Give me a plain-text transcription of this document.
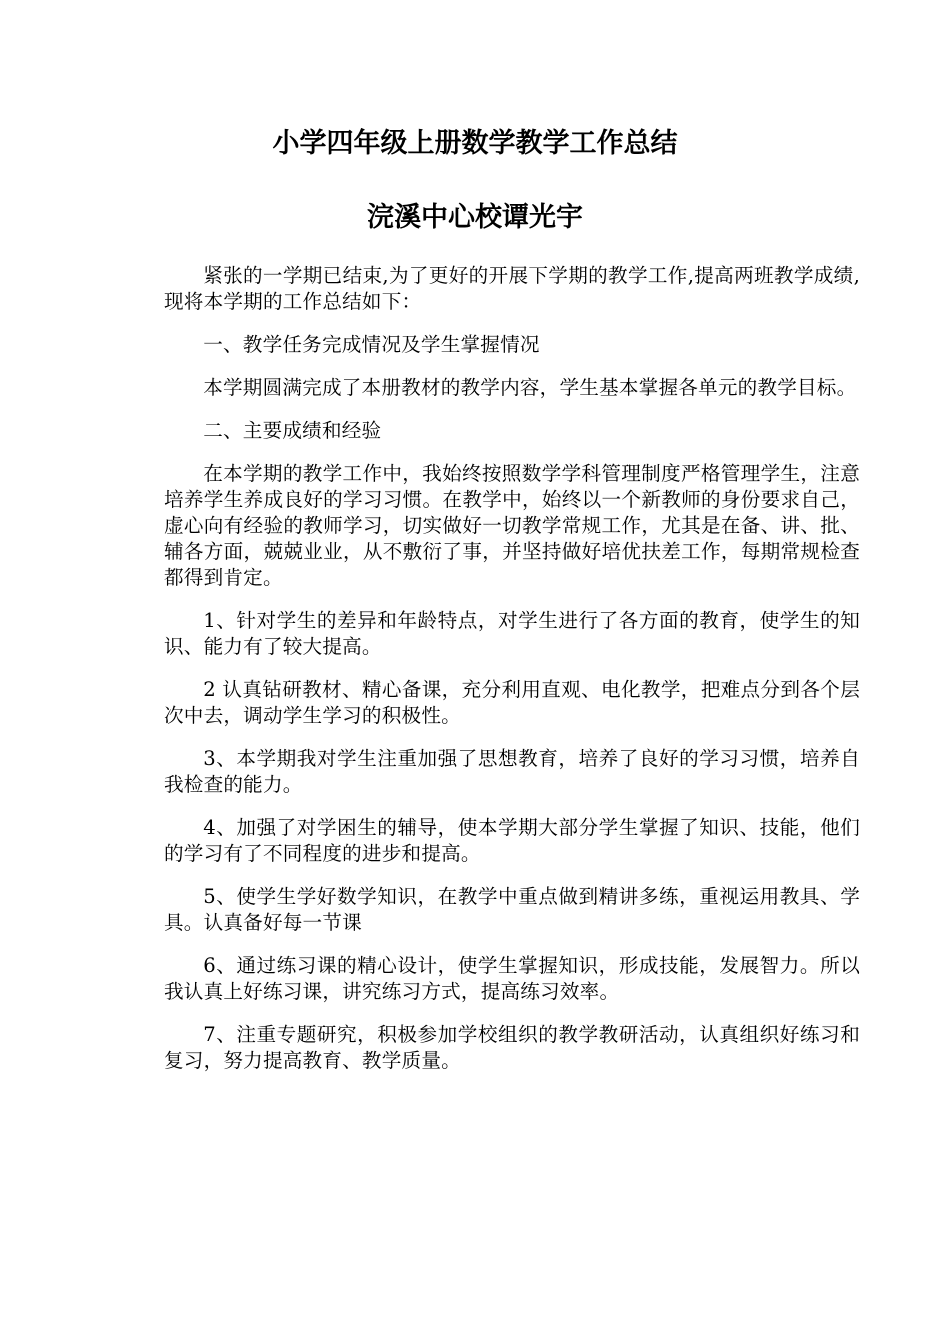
小学四年级上册数学教学工作总结
浣溪中心校谭光宇

紧张的一学期已结束,为了更好的开展下学期的教学工作,提高两班教学成绩,现将本学期的工作总结如下：

一、教学任务完成情况及学生掌握情况

本学期圆满完成了本册教材的教学内容，学生基本掌握各单元的教学目标。

二、主要成绩和经验

在本学期的教学工作中，我始终按照数学学科管理制度严格管理学生，注意培养学生养成良好的学习习惯。在教学中，始终以一个新教师的身份要求自己，虚心向有经验的教师学习，切实做好一切教学常规工作，尤其是在备、讲、批、辅各方面，兢兢业业，从不敷衍了事，并坚持做好培优扶差工作，每期常规检查都得到肯定。

1、针对学生的差异和年龄特点，对学生进行了各方面的教育，使学生的知识、能力有了较大提高。

2 认真钻研教材、精心备课，充分利用直观、电化教学，把难点分到各个层次中去，调动学生学习的积极性。

3、本学期我对学生注重加强了思想教育，培养了良好的学习习惯，培养自我检查的能力。

4、加强了对学困生的辅导，使本学期大部分学生掌握了知识、技能，他们的学习有了不同程度的进步和提高。

5、使学生学好数学知识，在教学中重点做到精讲多练，重视运用教具、学具。认真备好每一节课

6、通过练习课的精心设计，使学生掌握知识，形成技能，发展智力。所以我认真上好练习课，讲究练习方式，提高练习效率。

7、注重专题研究，积极参加学校组织的教学教研活动，认真组织好练习和复习，努力提高教育、教学质量。
